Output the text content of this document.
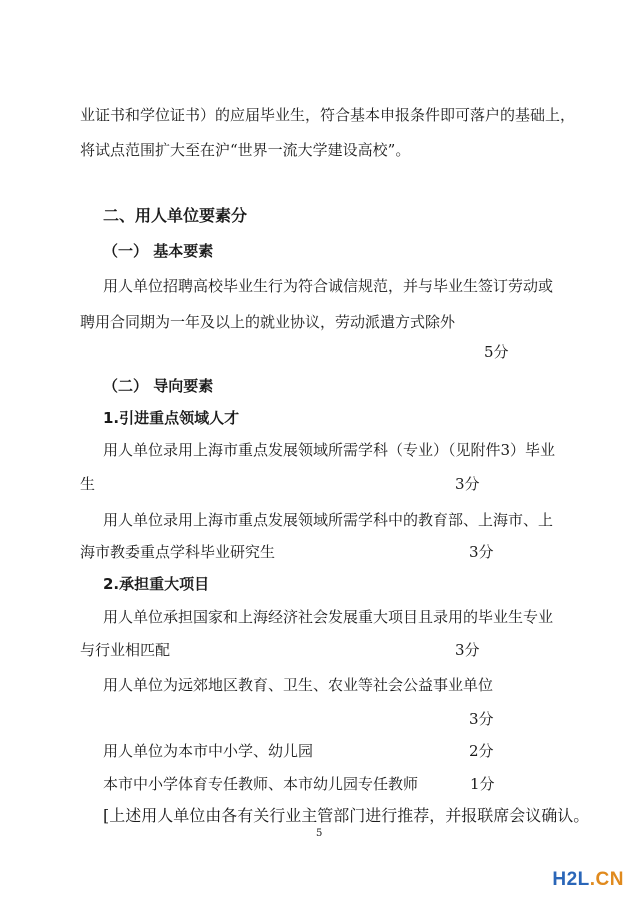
业证书和学位证书）的应届毕业生，符合基本申报条件即可落户的基础上，
将试点范围扩大至在沪“世界一流大学建设高校”。
二、用人单位要素分
（一） 基本要素
用人单位招聘高校毕业生行为符合诚信规范，并与毕业生签订劳动或
聘用合同期为一年及以上的就业协议，劳动派遣方式除外
5分
（二） 导向要素
1.引进重点领域人才
用人单位录用上海市重点发展领域所需学科（专业）（见附件3）毕业
生	3分
用人单位录用上海市重点发展领域所需学科中的教育部、上海市、上
海市教委重点学科毕业研究生	3分
2.承担重大项目
用人单位承担国家和上海经济社会发展重大项目且录用的毕业生专业
与行业相匹配	3分
用人单位为远郊地区教育、卫生、农业等社会公益事业单位
3分
用人单位为本市中小学、幼儿园	2分
本市中小学体育专任教师、本市幼儿园专任教师	1分
[上述用人单位由各有关行业主管部门进行推荐，并报联席会议确认。
5
H2L.CN
